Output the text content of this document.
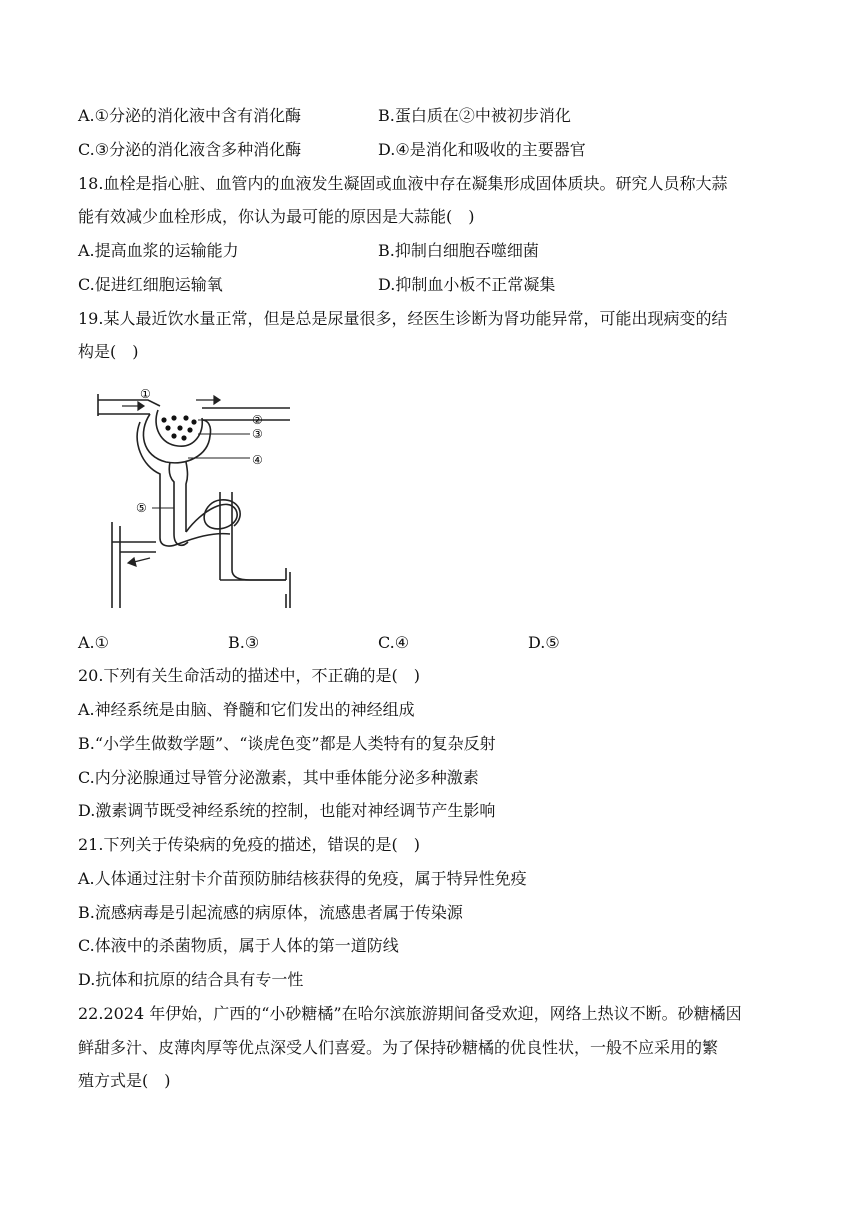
A.①分泌的消化液中含有消化酶	B.蛋白质在②中被初步消化
C.③分泌的消化液含多种消化酶	D.④是消化和吸收的主要器官
18.血栓是指心脏、血管内的血液发生凝固或血液中存在凝集形成固体质块。研究人员称大蒜
能有效减少血栓形成，你认为最可能的原因是大蒜能(　)
A.提高血浆的运输能力	B.抑制白细胞吞噬细菌
C.促进红细胞运输氧	D.抑制血小板不正常凝集
19.某人最近饮水量正常，但是总是尿量很多，经医生诊断为肾功能异常，可能出现病变的结
构是(　)
①
②
③
④
⑤
A.①	B.③	C.④	D.⑤
20.下列有关生命活动的描述中，不正确的是(　)
A.神经系统是由脑、脊髓和它们发出的神经组成
B.“小学生做数学题”、“谈虎色变”都是人类特有的复杂反射
C.内分泌腺通过导管分泌激素，其中垂体能分泌多种激素
D.激素调节既受神经系统的控制，也能对神经调节产生影响
21.下列关于传染病的免疫的描述，错误的是(　)
A.人体通过注射卡介苗预防肺结核获得的免疫，属于特异性免疫
B.流感病毒是引起流感的病原体，流感患者属于传染源
C.体液中的杀菌物质，属于人体的第一道防线
D.抗体和抗原的结合具有专一性
22.2024 年伊始，广西的“小砂糖橘”在哈尔滨旅游期间备受欢迎，网络上热议不断。砂糖橘因
鲜甜多汁、皮薄肉厚等优点深受人们喜爱。为了保持砂糖橘的优良性状，一般不应采用的繁
殖方式是(　)
